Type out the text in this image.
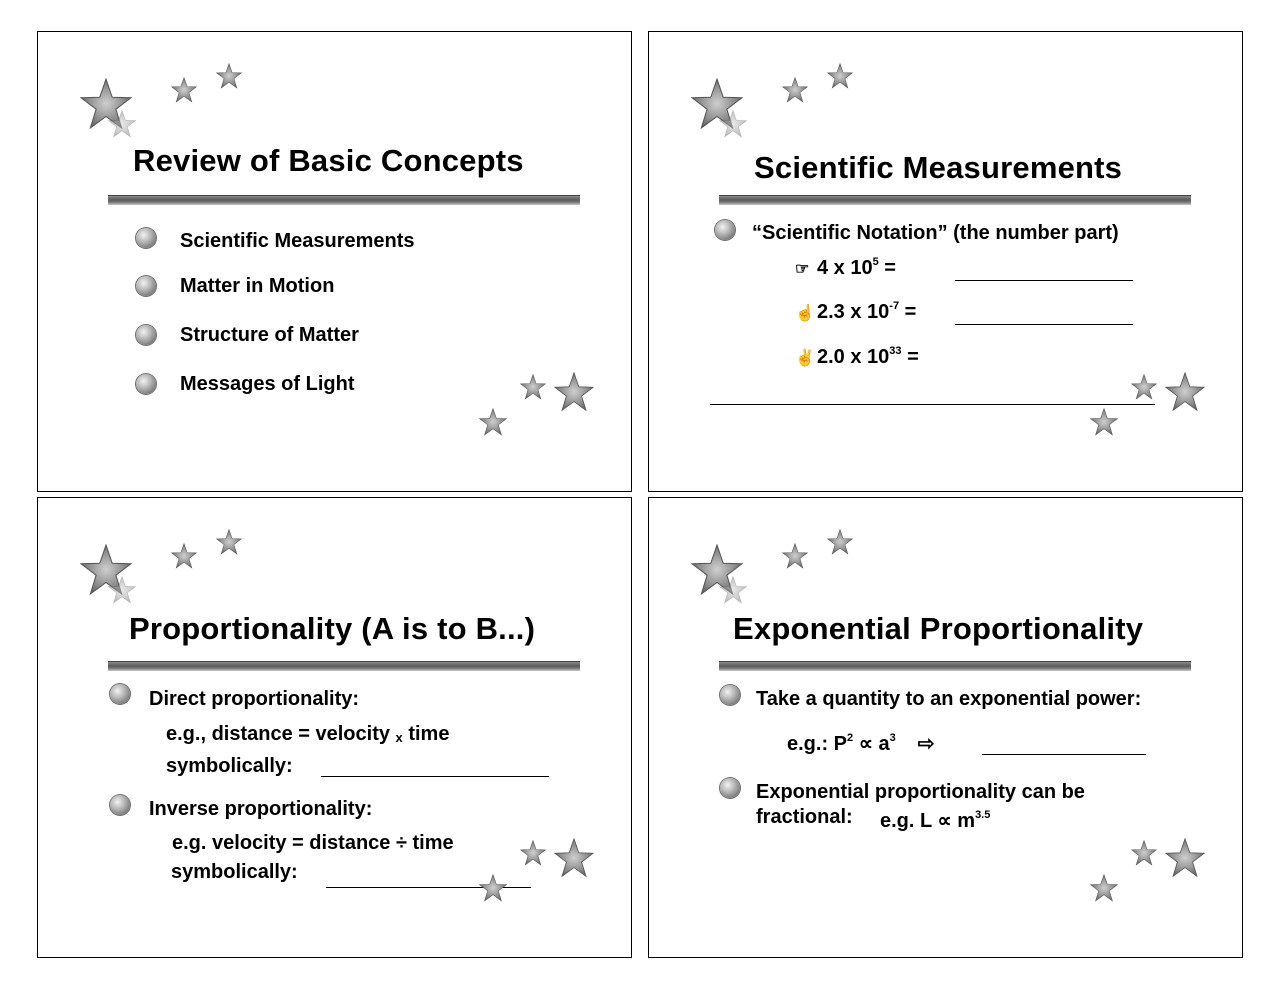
Review of Basic Concepts
Scientific Measurements
Matter in Motion
Structure of Matter
Messages of Light
Scientific Measurements
“Scientific Notation” (the number part)
☞ 4 x $10^5$ =
☝ 2.3 x $10^{-7}$ =
✌ 2.0 x $10^{33}$ =
Proportionality (A is to B...)
Direct proportionality:
e.g., distance = velocity x time
symbolically:
Inverse proportionality:
e.g. velocity = distance ÷ time
symbolically:
Exponential Proportionality
Take a quantity to an exponential power:
e.g.: $P^2 \propto a^3$ ⇨
Exponential proportionality can be
fractional: e.g. $L \propto m^{3.5}$
